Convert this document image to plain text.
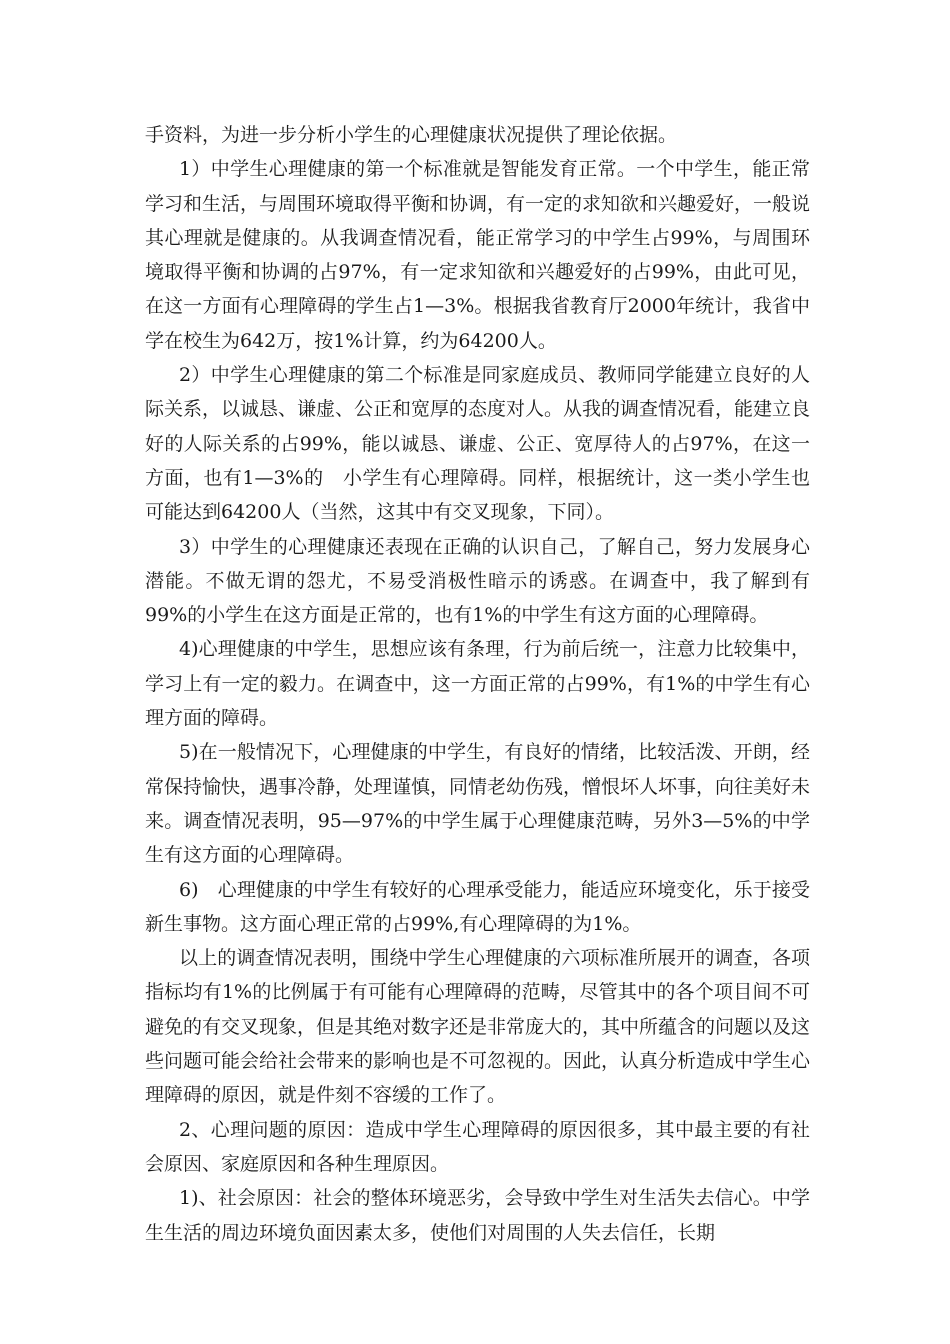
手资料，为进一步分析小学生的心理健康状况提供了理论依据。

1）中学生心理健康的第一个标准就是智能发育正常。一个中学生，能正常学习和生活，与周围环境取得平衡和协调，有一定的求知欲和兴趣爱好，一般说其心理就是健康的。从我调查情况看，能正常学习的中学生占99%，与周围环境取得平衡和协调的占97%，有一定求知欲和兴趣爱好的占99%，由此可见，在这一方面有心理障碍的学生占1—3%。根据我省教育厅2000年统计，我省中学在校生为642万，按1%计算，约为64200人。

2）中学生心理健康的第二个标准是同家庭成员、教师同学能建立良好的人际关系，以诚恳、谦虚、公正和宽厚的态度对人。从我的调查情况看，能建立良好的人际关系的占99%，能以诚恳、谦虚、公正、宽厚待人的占97%，在这一方面，也有1—3%的　小学生有心理障碍。同样，根据统计，这一类小学生也可能达到64200人（当然，这其中有交叉现象，下同）。

3）中学生的心理健康还表现在正确的认识自己，了解自己，努力发展身心潜能。不做无谓的怨尤，不易受消极性暗示的诱惑。在调查中，我了解到有99%的小学生在这方面是正常的，也有1%的中学生有这方面的心理障碍。

4)心理健康的中学生，思想应该有条理，行为前后统一，注意力比较集中，学习上有一定的毅力。在调查中，这一方面正常的占99%，有1%的中学生有心理方面的障碍。

5)在一般情况下，心理健康的中学生，有良好的情绪，比较活泼、开朗，经常保持愉快，遇事冷静，处理谨慎，同情老幼伤残，憎恨坏人坏事，向往美好未来。调查情况表明，95—97%的中学生属于心理健康范畴，另外3—5%的中学生有这方面的心理障碍。

6)　心理健康的中学生有较好的心理承受能力，能适应环境变化，乐于接受新生事物。这方面心理正常的占99%,有心理障碍的为1%。

以上的调查情况表明，围绕中学生心理健康的六项标准所展开的调查，各项指标均有1%的比例属于有可能有心理障碍的范畴，尽管其中的各个项目间不可避免的有交叉现象，但是其绝对数字还是非常庞大的，其中所蕴含的问题以及这些问题可能会给社会带来的影响也是不可忽视的。因此，认真分析造成中学生心理障碍的原因，就是件刻不容缓的工作了。

2、心理问题的原因：造成中学生心理障碍的原因很多，其中最主要的有社会原因、家庭原因和各种生理原因。

1)、社会原因：社会的整体环境恶劣，会导致中学生对生活失去信心。中学生生活的周边环境负面因素太多，使他们对周围的人失去信任，长期
